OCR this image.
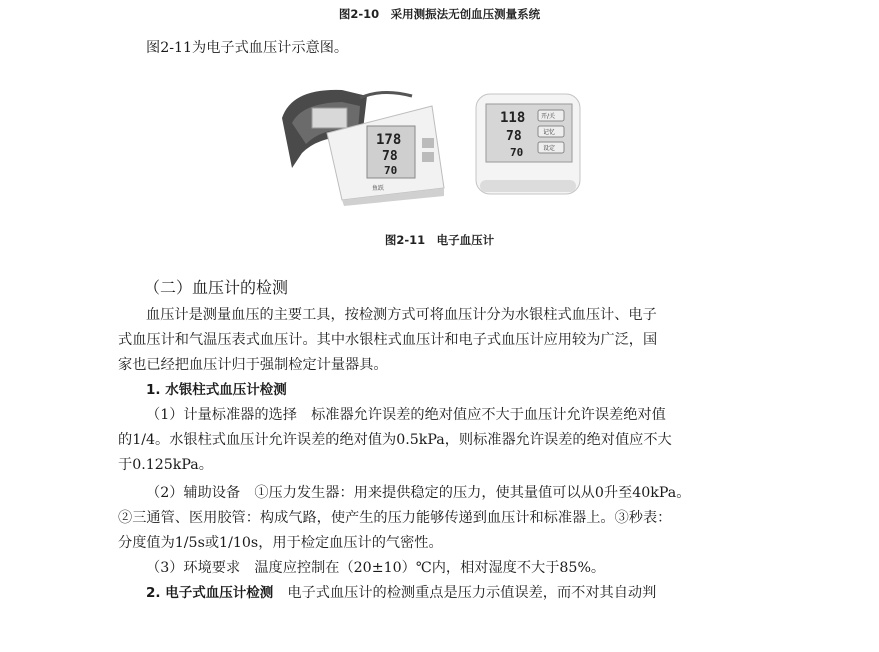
图2-10　采用测振法无创血压测量系统
图2-11为电子式血压计示意图。
178
78
70
鱼跃
118
78
70
开/关
记忆
设定
图2-11　电子血压计
（二）血压计的检测
血压计是测量血压的主要工具，按检测方式可将血压计分为水银柱式血压计、电子
式血压计和气温压表式血压计。其中水银柱式血压计和电子式血压计应用较为广泛，国
家也已经把血压计归于强制检定计量器具。
1. 水银柱式血压计检测
（1）计量标准器的选择　标准器允许误差的绝对值应不大于血压计允许误差绝对值
的1/4。水银柱式血压计允许误差的绝对值为0.5kPa，则标准器允许误差的绝对值应不大
于0.125kPa。
（2）辅助设备　①压力发生器：用来提供稳定的压力，使其量值可以从0升至40kPa。
②三通管、医用胶管：构成气路，使产生的压力能够传递到血压计和标准器上。③秒表：
分度值为1/5s或1/10s，用于检定血压计的气密性。
（3）环境要求　温度应控制在（20±10）℃内，相对湿度不大于85%。
2. 电子式血压计检测　电子式血压计的检测重点是压力示值误差，而不对其自动判
